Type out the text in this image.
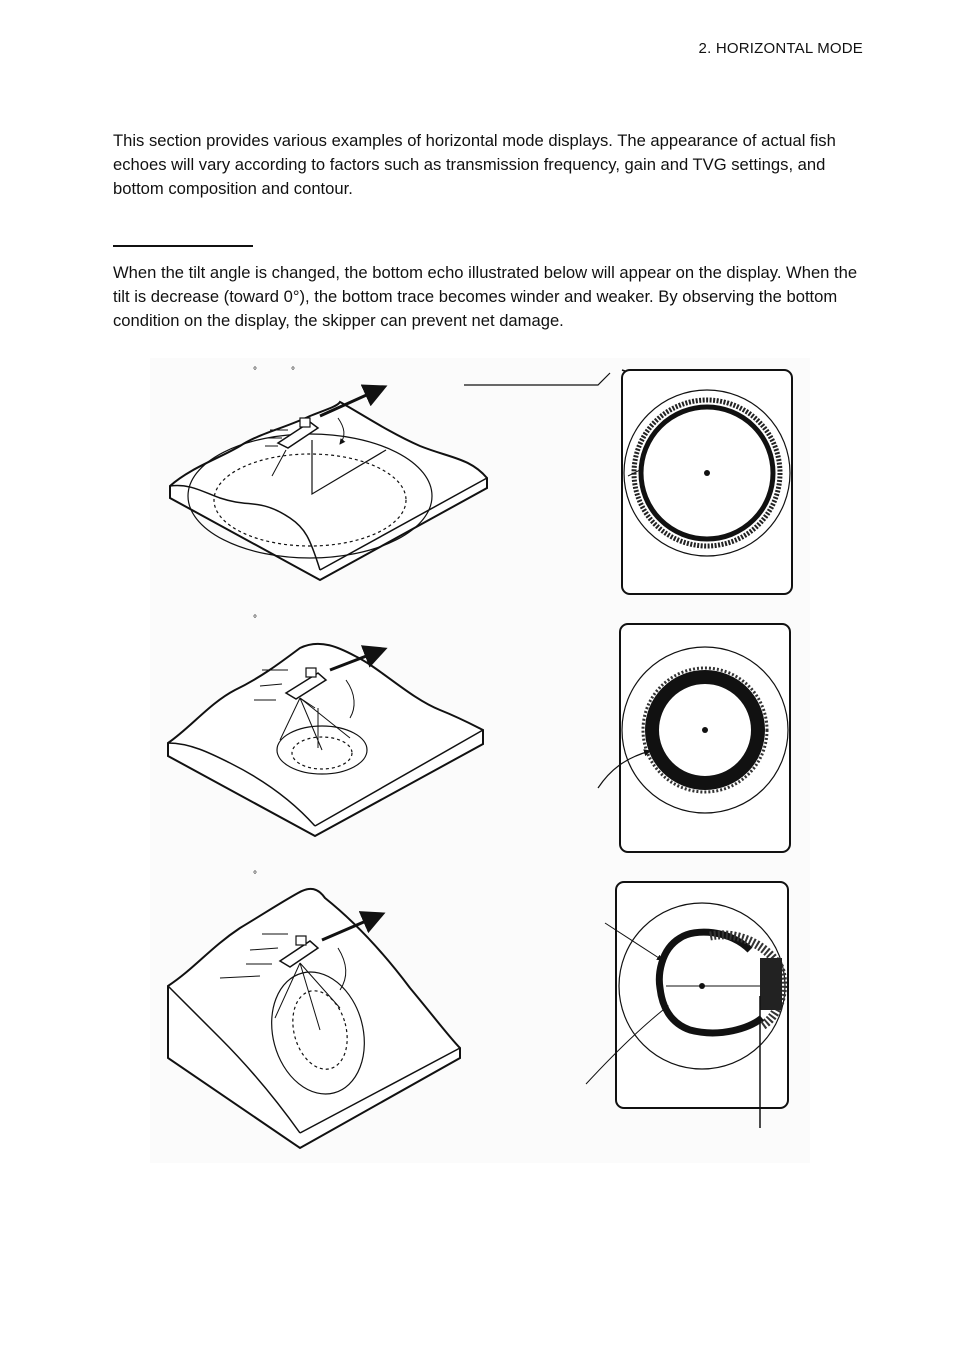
2. HORIZONTAL MODE

This section provides various examples of horizontal mode displays. The appearance of actual fish echoes will vary according to factors such as transmission frequency, gain and TVG settings, and bottom composition and contour.

When the tilt angle is changed, the bottom echo illustrated below will appear on the display. When the tilt is decrease (toward 0°), the bottom trace becomes winder and weaker. By observing the bottom condition on the display, the skipper can prevent net damage.

°	°
°
°
